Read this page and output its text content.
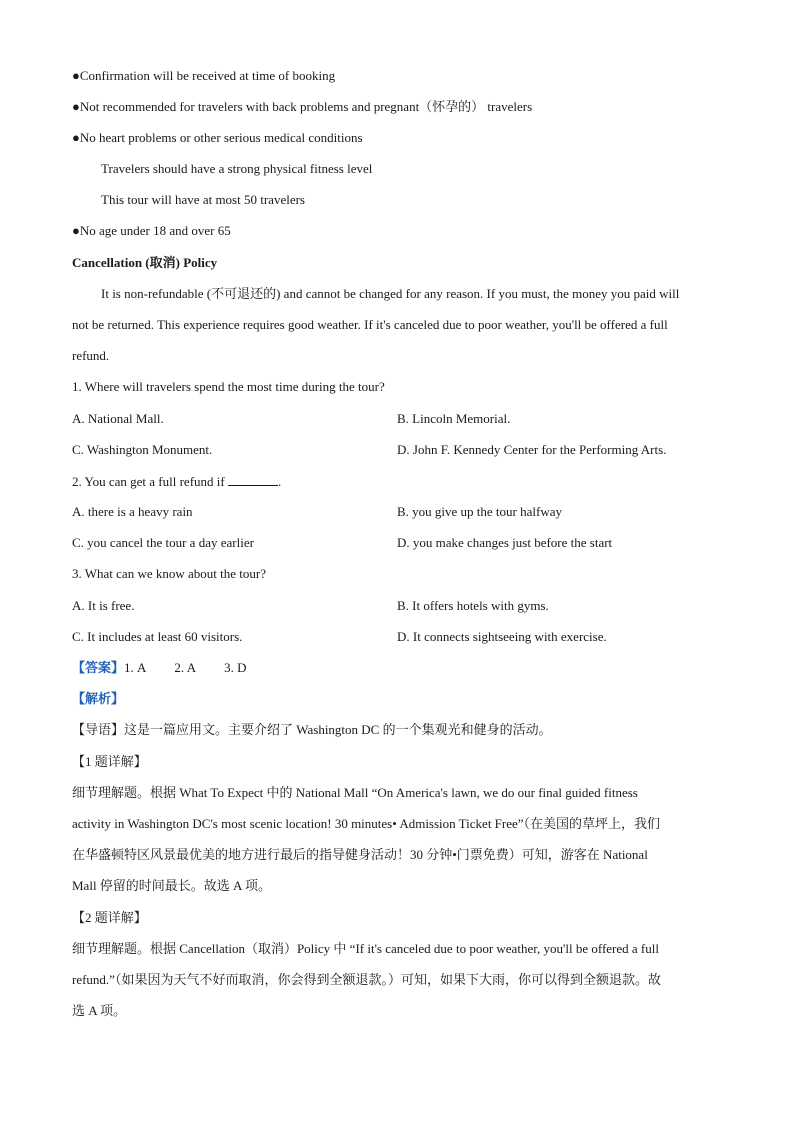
●Confirmation will be received at time of booking
●Not recommended for travelers with back problems and pregnant（怀孕的） travelers
●No heart problems or other serious medical conditions
Travelers should have a strong physical fitness level
This tour will have at most 50 travelers
●No age under 18 and over 65
Cancellation (取消) Policy
It is non-refundable (不可退还的) and cannot be changed for any reason. If you must, the money you paid will
not be returned. This experience requires good weather. If it's canceled due to poor weather, you'll be offered a full
refund.
1. Where will travelers spend the most time during the tour?
A. National Mall.	B. Lincoln Memorial.
C. Washington Monument.	D. John F. Kennedy Center for the Performing Arts.
2. You can get a full refund if	.
A. there is a heavy rain	B. you give up the tour halfway
C. you cancel the tour a day earlier	D. you make changes just before the start
3. What can we know about the tour?
A. It is free.	B. It offers hotels with gyms.
C. It includes at least 60 visitors.	D. It connects sightseeing with exercise.
【答案】1. A 2. A 3. D
【解析】
【导语】这是一篇应用文。主要介绍了 Washington DC 的一个集观光和健身的活动。
【1 题详解】
细节理解题。根据 What To Expect 中的 National Mall “On America's lawn, we do our final guided fitness
activity in Washington DC's most scenic location! 30 minutes• Admission Ticket Free”（在美国的草坪上，我们
在华盛顿特区风景最优美的地方进行最后的指导健身活动！30 分钟•门票免费）可知，游客在 National
Mall 停留的时间最长。故选 A 项。
【2 题详解】
细节理解题。根据 Cancellation（取消）Policy 中 “If it's canceled due to poor weather, you'll be offered a full
refund.”（如果因为天气不好而取消，你会得到全额退款。）可知，如果下大雨，你可以得到全额退款。故
选 A 项。
